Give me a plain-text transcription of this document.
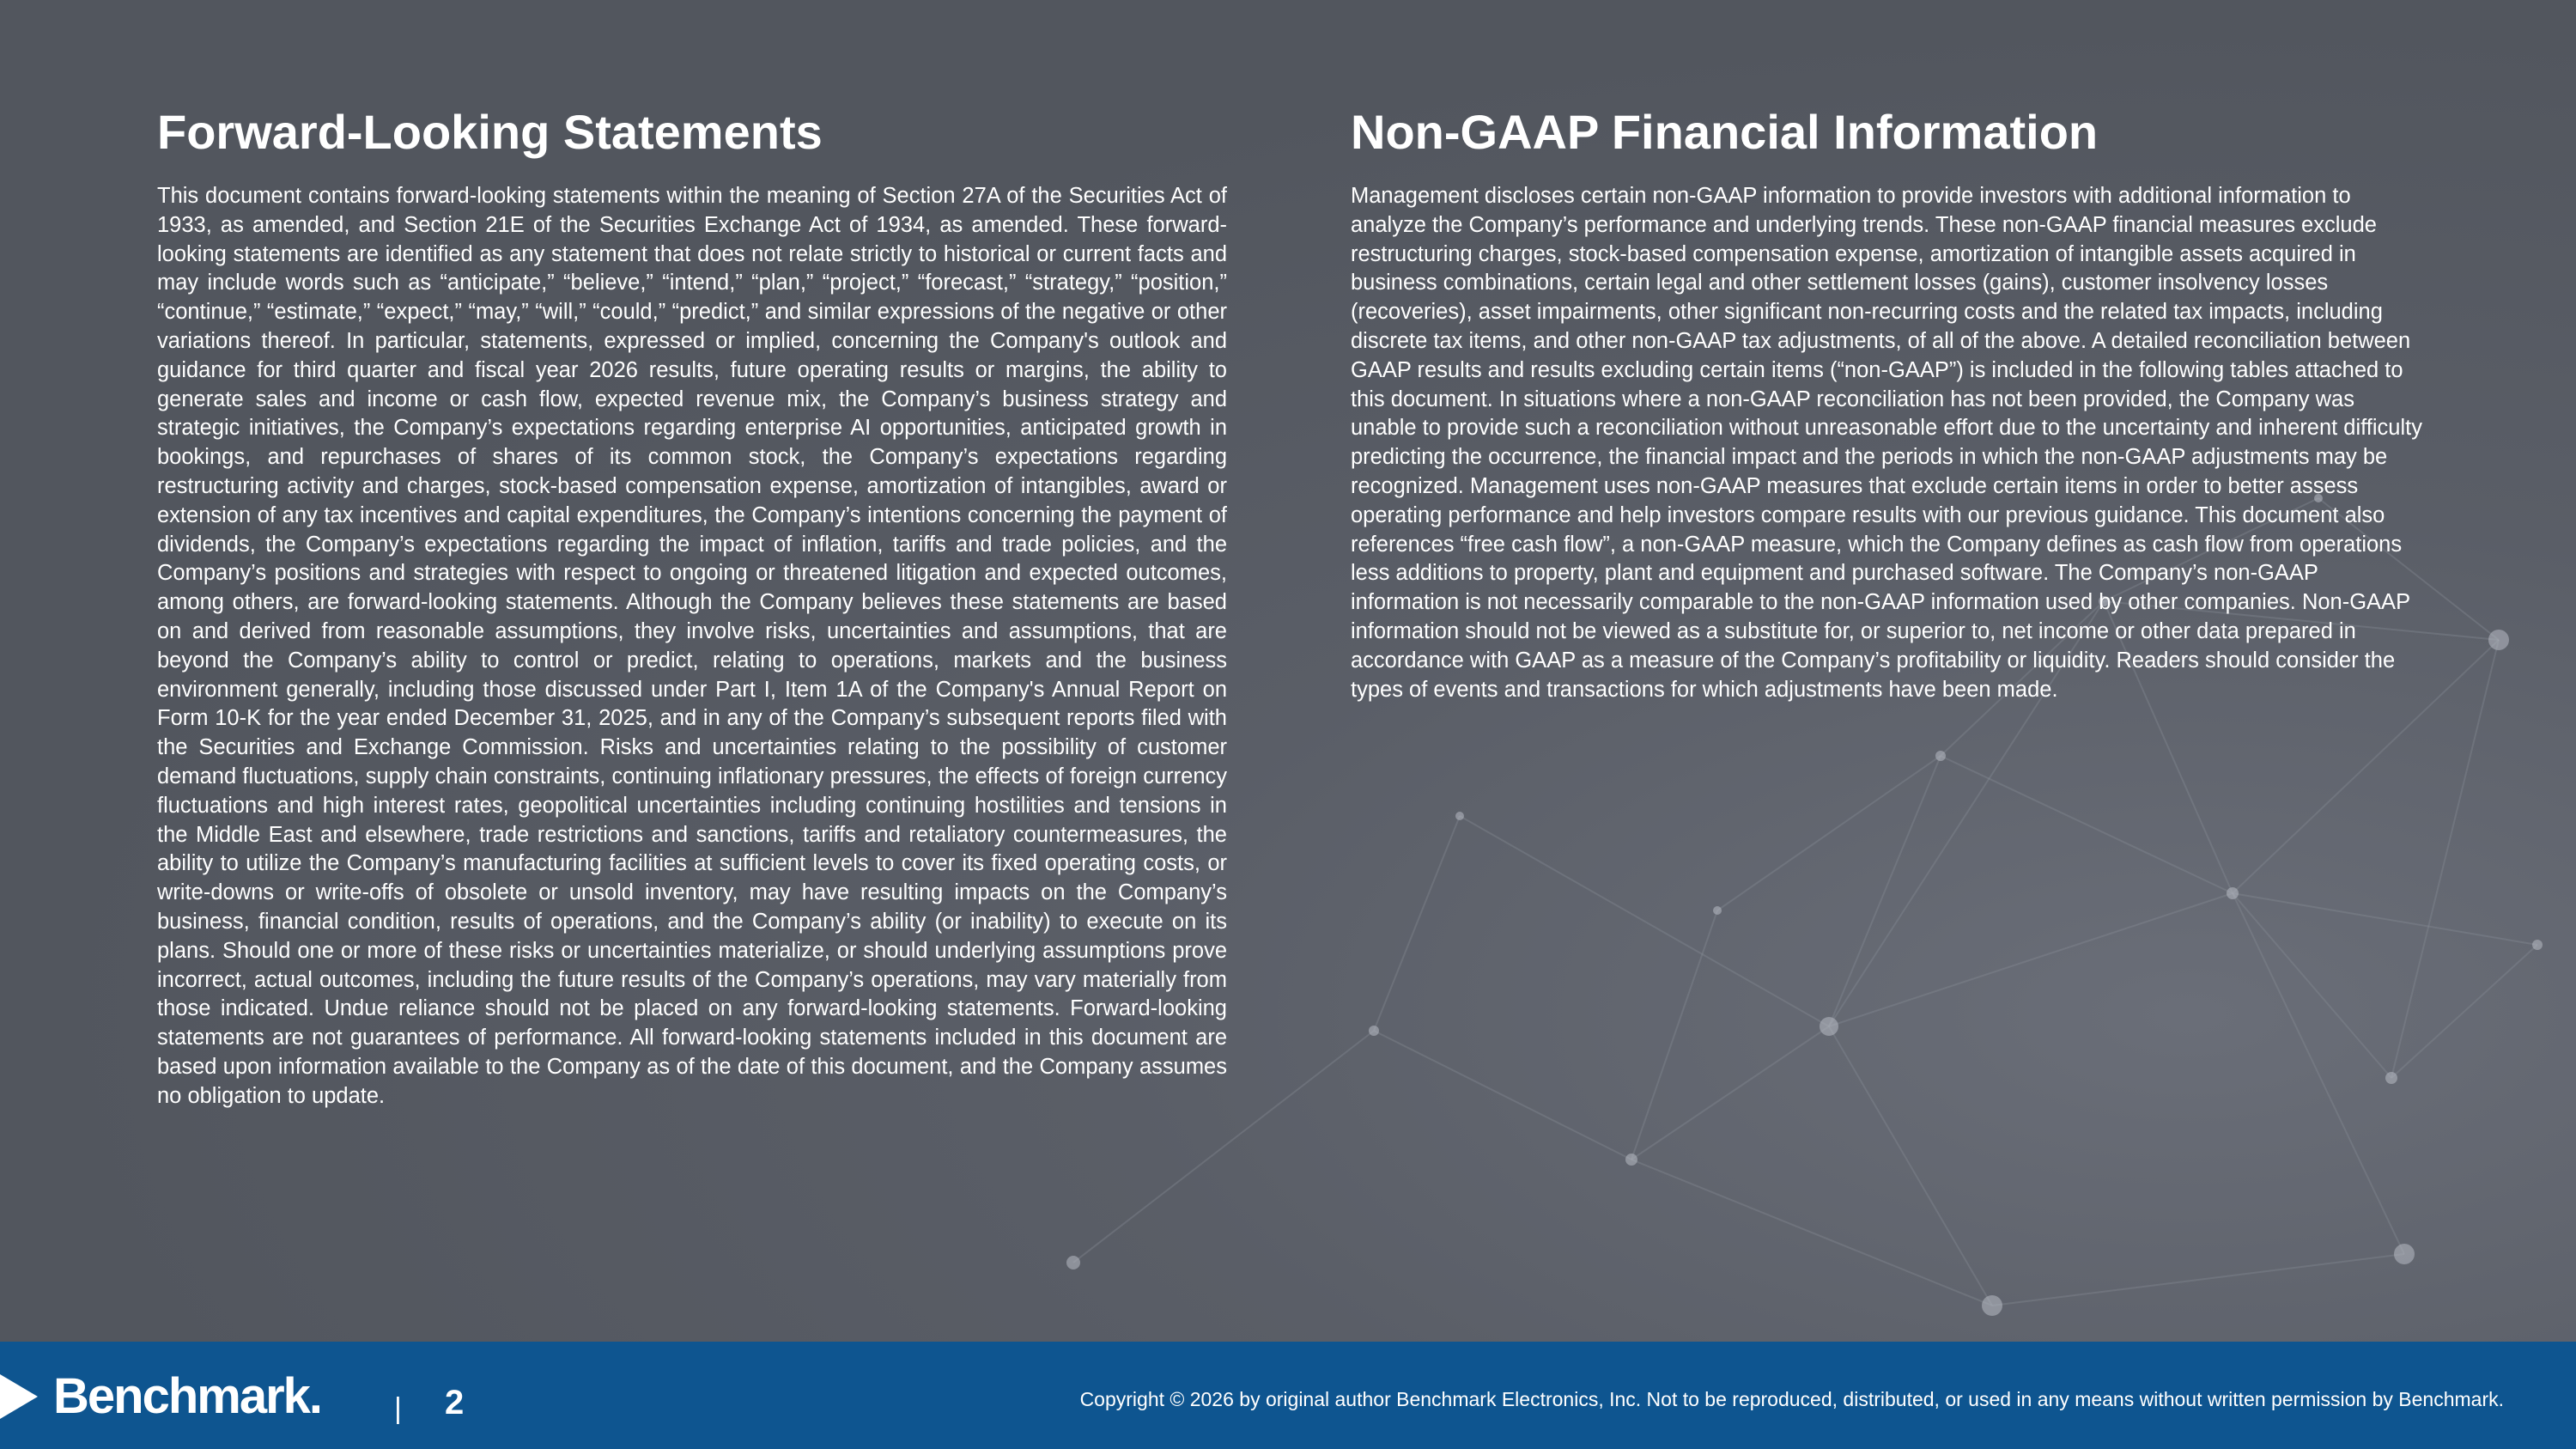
Forward-Looking Statements

This document contains forward-looking statements within the meaning of Section 27A of the Securities Act of 1933, as amended, and Section 21E of the Securities Exchange Act of 1934, as amended. These forward-looking statements are identified as any statement that does not relate strictly to historical or current facts and may include words such as “anticipate,” “believe,” “intend,” “plan,” “project,” “forecast,” “strategy,” “position,” “continue,” “estimate,” “expect,” “may,” “will,” “could,” “predict,” and similar expressions of the negative or other variations thereof. In particular, statements, expressed or implied, concerning the Company's outlook and guidance for third quarter and fiscal year 2026 results, future operating results or margins, the ability to generate sales and income or cash flow, expected revenue mix, the Company’s business strategy and strategic initiatives, the Company’s expectations regarding enterprise AI opportunities, anticipated growth in bookings, and repurchases of shares of its common stock, the Company’s expectations regarding restructuring activity and charges, stock-based compensation expense, amortization of intangibles, award or extension of any tax incentives and capital expenditures, the Company’s intentions concerning the payment of dividends, the Company’s expectations regarding the impact of inflation, tariffs and trade policies, and the Company’s positions and strategies with respect to ongoing or threatened litigation and expected outcomes, among others, are forward-looking statements. Although the Company believes these statements are based on and derived from reasonable assumptions, they involve risks, uncertainties and assumptions, that are beyond the Company’s ability to control or predict, relating to operations, markets and the business environment generally, including those discussed under Part I, Item 1A of the Company's Annual Report on Form 10-K for the year ended December 31, 2025, and in any of the Company’s subsequent reports filed with the Securities and Exchange Commission. Risks and uncertainties relating to the possibility of customer demand fluctuations, supply chain constraints, continuing inflationary pressures, the effects of foreign currency fluctuations and high interest rates, geopolitical uncertainties including continuing hostilities and tensions in the Middle East and elsewhere, trade restrictions and sanctions, tariffs and retaliatory countermeasures, the ability to utilize the Company’s manufacturing facilities at sufficient levels to cover its fixed operating costs, or write-downs or write-offs of obsolete or unsold inventory, may have resulting impacts on the Company’s business, financial condition, results of operations, and the Company’s ability (or inability) to execute on its plans. Should one or more of these risks or uncertainties materialize, or should underlying assumptions prove incorrect, actual outcomes, including the future results of the Company’s operations, may vary materially from those indicated. Undue reliance should not be placed on any forward-looking statements. Forward-looking statements are not guarantees of performance. All forward-looking statements included in this document are based upon information available to the Company as of the date of this document, and the Company assumes no obligation to update.

Non-GAAP Financial Information

Management discloses certain non-GAAP information to provide investors with additional information to analyze the Company’s performance and underlying trends. These non-GAAP financial measures exclude restructuring charges, stock-based compensation expense, amortization of intangible assets acquired in business combinations, certain legal and other settlement losses (gains), customer insolvency losses (recoveries), asset impairments, other significant non-recurring costs and the related tax impacts, including discrete tax items, and other non-GAAP tax adjustments, of all of the above. A detailed reconciliation between GAAP results and results excluding certain items (“non-GAAP”) is included in the following tables attached to this document. In situations where a non-GAAP reconciliation has not been provided, the Company was unable to provide such a reconciliation without unreasonable effort due to the uncertainty and inherent difficulty predicting the occurrence, the financial impact and the periods in which the non-GAAP adjustments may be recognized. Management uses non-GAAP measures that exclude certain items in order to better assess operating performance and help investors compare results with our previous guidance. This document also references “free cash flow”, a non-GAAP measure, which the Company defines as cash flow from operations less additions to property, plant and equipment and purchased software. The Company’s non-GAAP information is not necessarily comparable to the non-GAAP information used by other companies. Non-GAAP information should not be viewed as a substitute for, or superior to, net income or other data prepared in accordance with GAAP as a measure of the Company’s profitability or liquidity. Readers should consider the types of events and transactions for which adjustments have been made.

Benchmark. | 2	Copyright © 2026 by original author Benchmark Electronics, Inc. Not to be reproduced, distributed, or used in any means without written permission by Benchmark.
